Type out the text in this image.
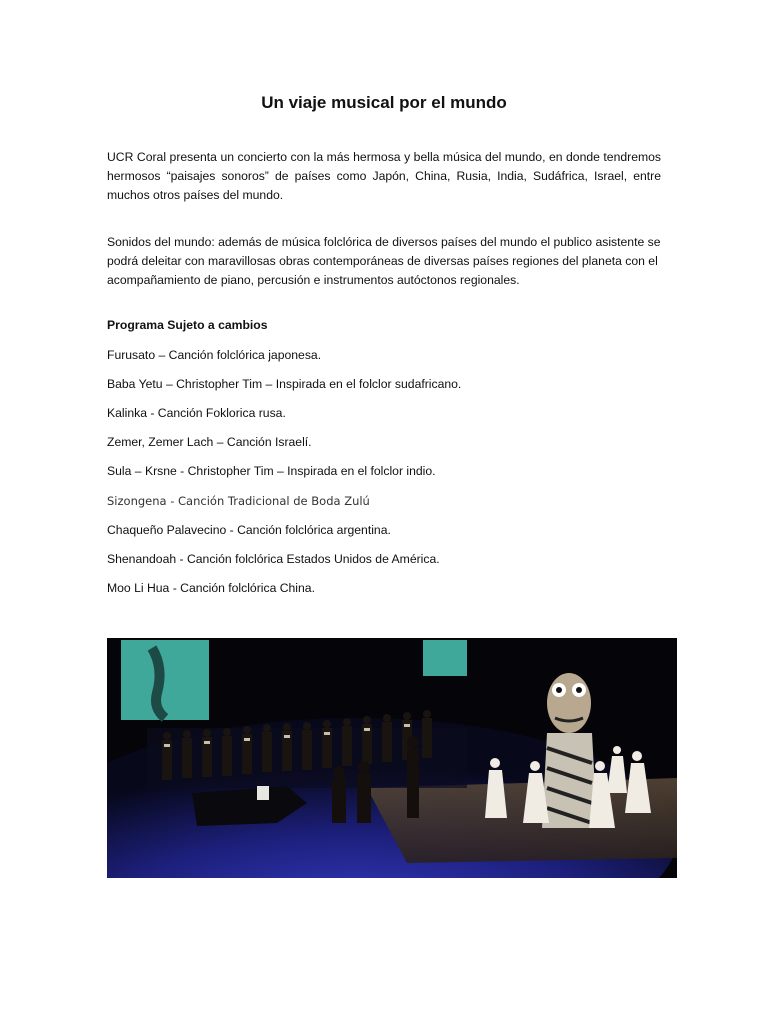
Un viaje musical por el mundo

UCR Coral presenta un concierto con la más hermosa y bella música del mundo, en donde tendremos hermosos “paisajes sonoros” de países como Japón, China, Rusia, India, Sudáfrica, Israel, entre muchos otros países del mundo.

Sonidos del mundo: además de música folclórica de diversos países del mundo el publico asistente se podrá deleitar con maravillosas obras contemporáneas de diversas países regiones del planeta con el acompañamiento de piano, percusión e instrumentos autóctonos regionales.

Programa Sujeto a cambios
Furusato – Canción folclórica japonesa.
Baba Yetu – Christopher Tim – Inspirada en el folclor sudafricano.
Kalinka - Canción Foklorica rusa.
Zemer, Zemer Lach – Canción Israelí.
Sula – Krsne - Christopher Tim – Inspirada en el folclor indio.
Sizongena - Canción Tradicional de Boda Zulú
Chaqueño Palavecino - Canción folclórica argentina.
Shenandoah - Canción folclórica Estados Unidos de América.
Moo Li Hua - Canción folclórica China.
